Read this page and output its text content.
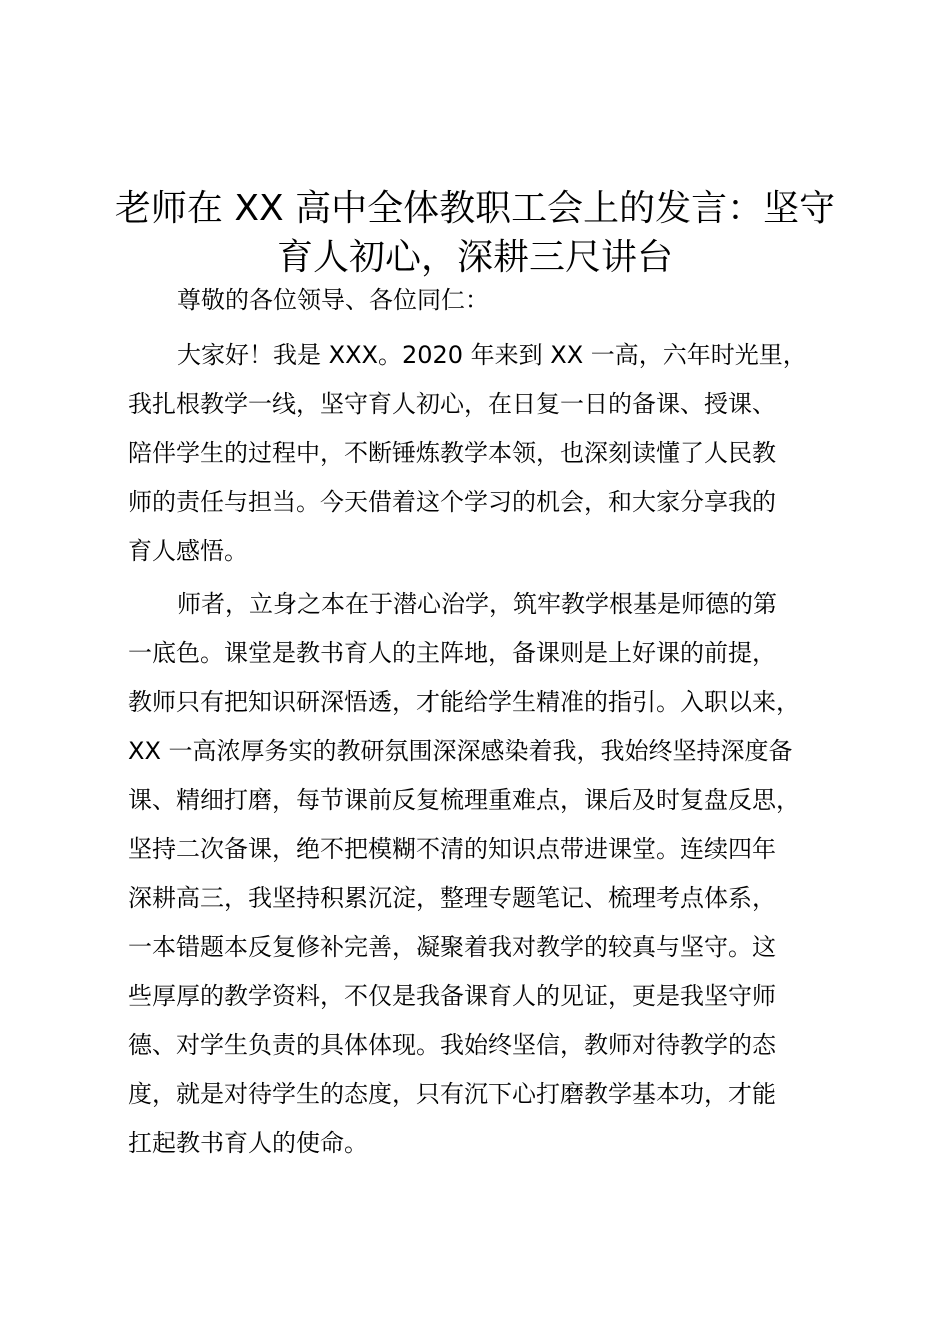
老师在 XX 高中全体教职工会上的发言：坚守
育人初心，深耕三尺讲台

尊敬的各位领导、各位同仁：

大家好！我是 XXX。2020 年来到 XX 一高，六年时光里，

我扎根教学一线，坚守育人初心，在日复一日的备课、授课、

陪伴学生的过程中，不断锤炼教学本领，也深刻读懂了人民教

师的责任与担当。今天借着这个学习的机会，和大家分享我的

育人感悟。

师者，立身之本在于潜心治学，筑牢教学根基是师德的第

一底色。课堂是教书育人的主阵地，备课则是上好课的前提，

教师只有把知识研深悟透，才能给学生精准的指引。入职以来，

XX 一高浓厚务实的教研氛围深深感染着我，我始终坚持深度备

课、精细打磨，每节课前反复梳理重难点，课后及时复盘反思，

坚持二次备课，绝不把模糊不清的知识点带进课堂。连续四年

深耕高三，我坚持积累沉淀，整理专题笔记、梳理考点体系，

一本错题本反复修补完善，凝聚着我对教学的较真与坚守。这

些厚厚的教学资料，不仅是我备课育人的见证，更是我坚守师

德、对学生负责的具体体现。我始终坚信，教师对待教学的态

度，就是对待学生的态度，只有沉下心打磨教学基本功，才能

扛起教书育人的使命。
